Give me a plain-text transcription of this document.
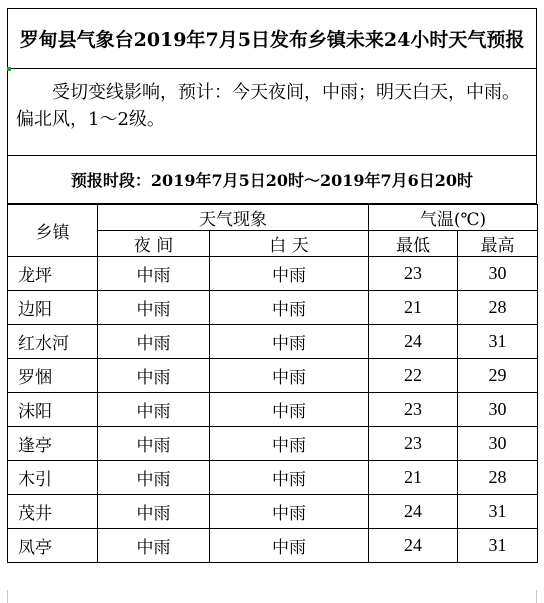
罗甸县气象台2019年7月5日发布乡镇未来24小时天气预报

受切变线影响，预计：今天夜间，中雨；明天白天，中雨。偏北风，1～2级。

预报时段：2019年7月5日20时～2019年7月6日20时
乡镇	天气现象		气温(℃)	
	夜 间	白 天	最低	最高
龙坪	中雨	中雨	23	30
边阳	中雨	中雨	21	28
红水河	中雨	中雨	24	31
罗悃	中雨	中雨	22	29
沫阳	中雨	中雨	23	30
逢亭	中雨	中雨	23	30
木引	中雨	中雨	21	28
茂井	中雨	中雨	24	31
凤亭	中雨	中雨	24	31
